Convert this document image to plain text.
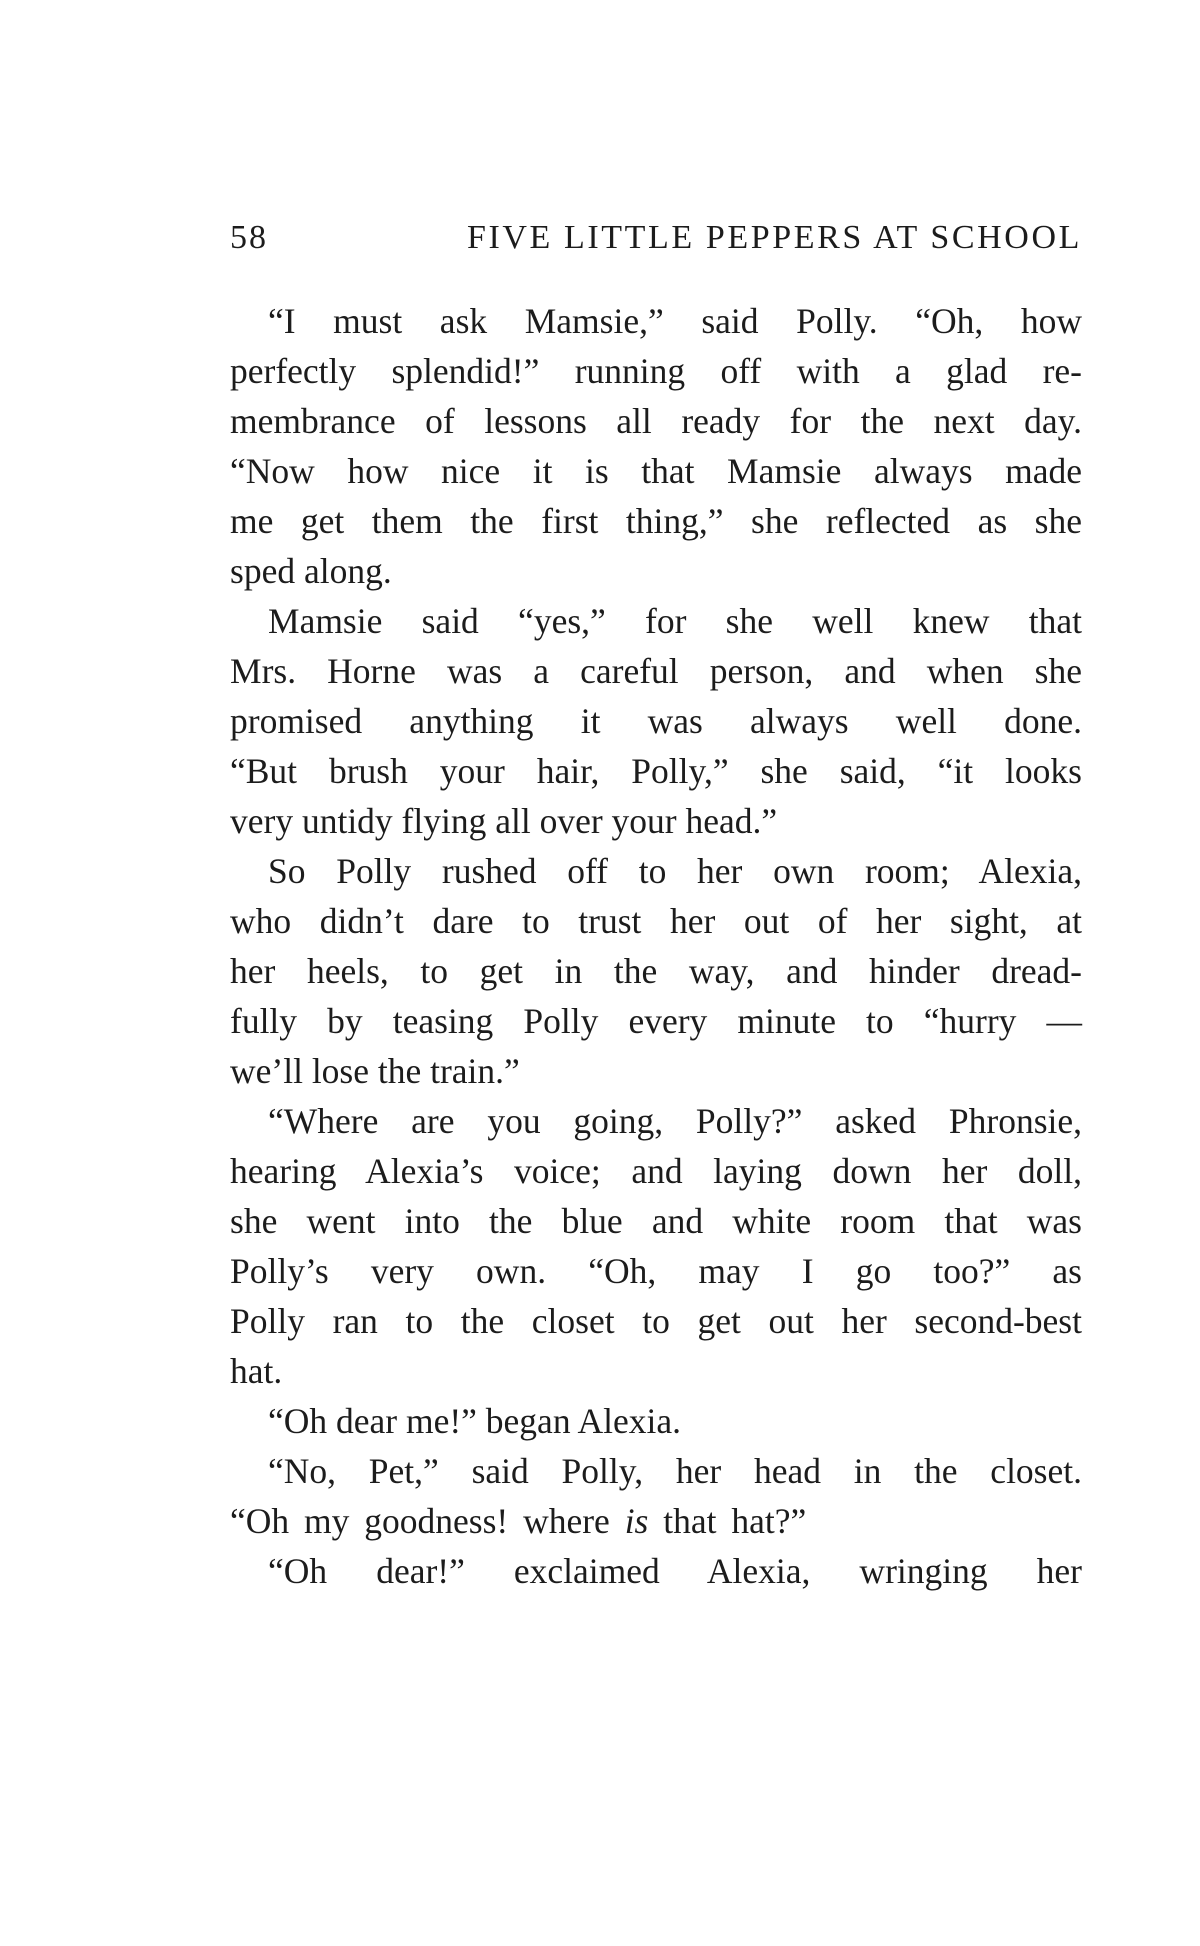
58	FIVE LITTLE PEPPERS AT SCHOOL
“I must ask Mamsie,” said Polly. “Oh, how
perfectly splendid!” running off with a glad re-
membrance of lessons all ready for the next day.
“Now how nice it is that Mamsie always made
me get them the first thing,” she reflected as she
sped along.
Mamsie said “yes,” for she well knew that
Mrs. Horne was a careful person, and when she
promised anything it was always well done.
“But brush your hair, Polly,” she said, “it looks
very untidy flying all over your head.”
So Polly rushed off to her own room; Alexia,
who didn’t dare to trust her out of her sight, at
her heels, to get in the way, and hinder dread-
fully by teasing Polly every minute to “hurry —
we’ll lose the train.”
“Where are you going, Polly?” asked Phronsie,
hearing Alexia’s voice; and laying down her doll,
she went into the blue and white room that was
Polly’s very own. “Oh, may I go too?” as
Polly ran to the closet to get out her second-best
hat.
“Oh dear me!” began Alexia.
“No, Pet,” said Polly, her head in the closet.
“Oh my goodness! where is that hat?”
“Oh dear!” exclaimed Alexia, wringing her
